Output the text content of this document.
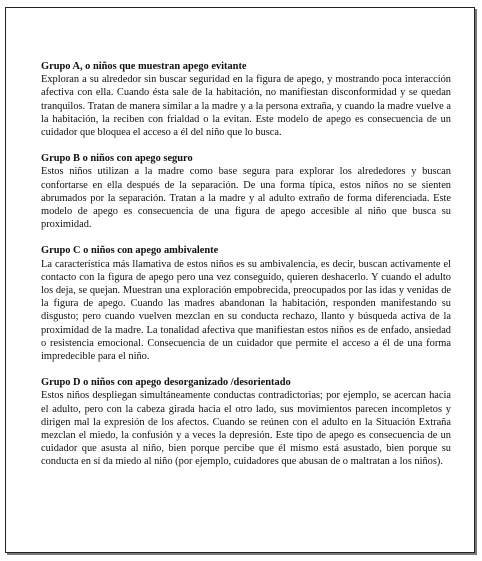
Grupo A, o niños que muestran apego evitante

Exploran a su alrededor sin buscar seguridad en la figura de apego, y mostrando poca interacción afectiva con ella. Cuando ésta sale de la habitación, no manifiestan disconformidad y se quedan tranquilos. Tratan de manera similar a la madre y a la persona extraña, y cuando la madre vuelve a la habitación, la reciben con frialdad o la evitan. Este modelo de apego es consecuencia de un cuidador que bloquea el acceso a él del niño que lo busca.

Grupo B o niños con apego seguro

Estos niños utilizan a la madre como base segura para explorar los alrededores y buscan confortarse en ella después de la separación. De una forma típica, estos niños no se sienten abrumados por la separación. Tratan a la madre y al adulto extraño de forma diferenciada. Este modelo de apego es consecuencia de una figura de apego accesible al niño que busca su proximidad.

Grupo C o niños con apego ambivalente

La característica más llamativa de estos niños es su ambivalencia, es decir, buscan activamente el contacto con la figura de apego pero una vez conseguido, quieren deshacerlo. Y cuando el adulto los deja, se quejan. Muestran una exploración empobrecida, preocupados por las idas y venidas de la figura de apego. Cuando las madres abandonan la habitación, responden manifestando su disgusto; pero cuando vuelven mezclan en su conducta rechazo, llanto y búsqueda activa de la proximidad de la madre. La tonalidad afectiva que manifiestan estos niños es de enfado, ansiedad o resistencia emocional. Consecuencia de un cuidador que permite el acceso a él de una forma impredecible para el niño.

Grupo D o niños con apego desorganizado /desorientado

Estos niños despliegan simultáneamente conductas contradictorias; por ejemplo, se acercan hacia el adulto, pero con la cabeza girada hacia el otro lado, sus movimientos parecen incompletos y dirigen mal la expresión de los afectos. Cuando se reúnen con el adulto en la Situación Extraña mezclan el miedo, la confusión y a veces la depresión. Este tipo de apego es consecuencia de un cuidador que asusta al niño, bien porque percibe que él mismo está asustado, bien porque su conducta en sí da miedo al niño (por ejemplo, cuidadores que abusan de o maltratan a los niños).
